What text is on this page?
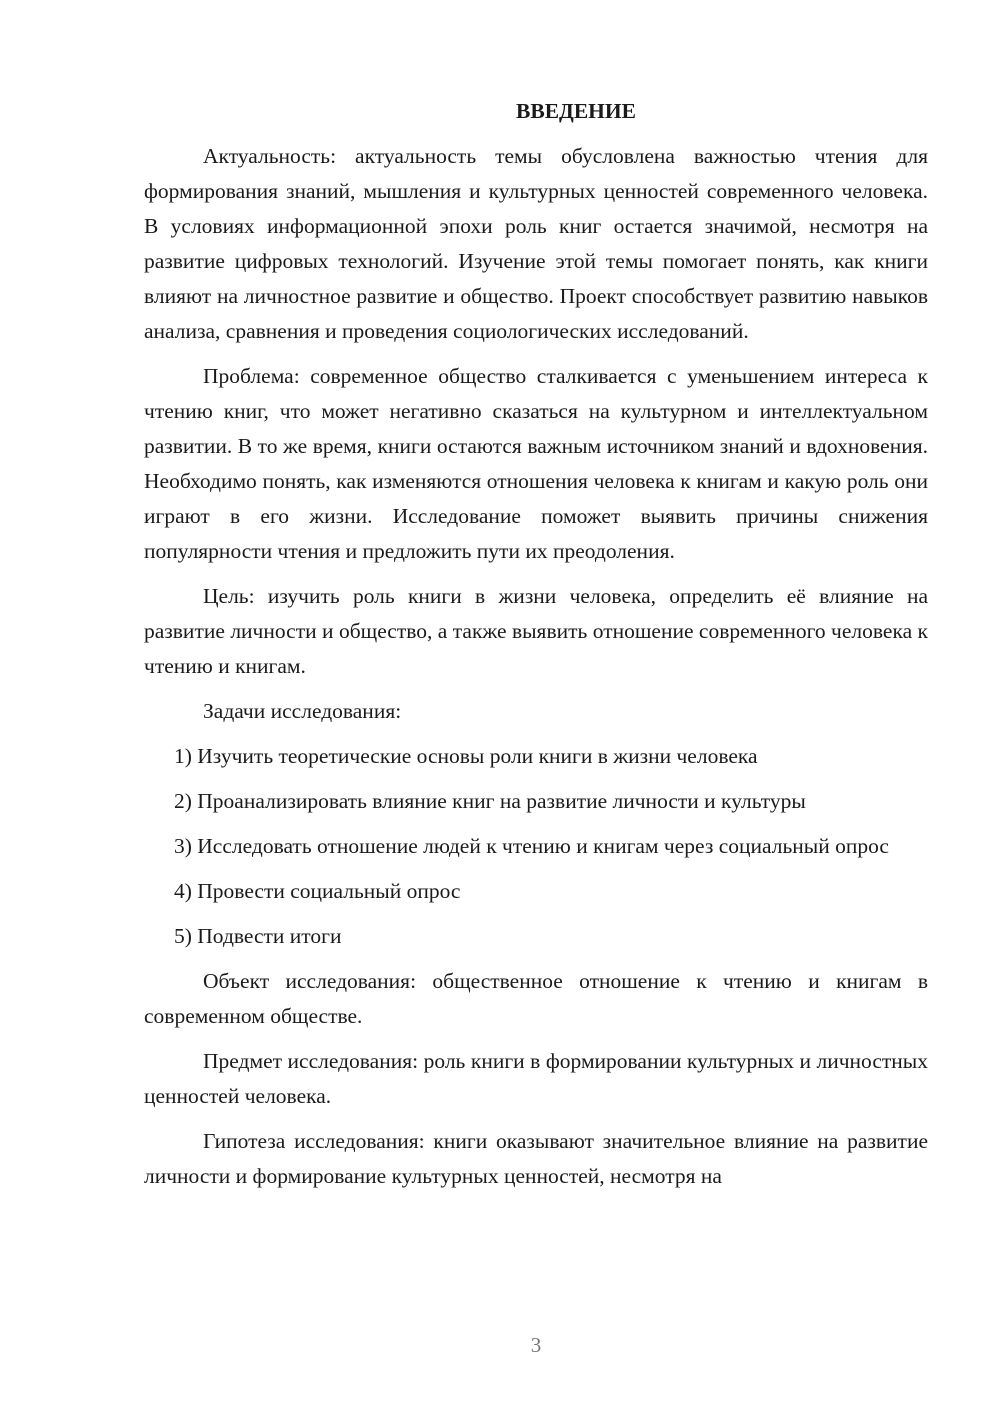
ВВЕДЕНИЕ

Актуальность: актуальность темы обусловлена важностью чтения для формирования знаний, мышления и культурных ценностей современного человека. В условиях информационной эпохи роль книг остается значимой, несмотря на развитие цифровых технологий. Изучение этой темы помогает понять, как книги влияют на личностное развитие и общество. Проект способствует развитию навыков анализа, сравнения и проведения социологических исследований.

Проблема: современное общество сталкивается с уменьшением интереса к чтению книг, что может негативно сказаться на культурном и интеллектуальном развитии. В то же время, книги остаются важным источником знаний и вдохновения. Необходимо понять, как изменяются отношения человека к книгам и какую роль они играют в его жизни. Исследование поможет выявить причины снижения популярности чтения и предложить пути их преодоления.

Цель: изучить роль книги в жизни человека, определить её влияние на развитие личности и общество, а также выявить отношение современного человека к чтению и книгам.

Задачи исследования:

1) Изучить теоретические основы роли книги в жизни человека

2) Проанализировать влияние книг на развитие личности и культуры

3) Исследовать отношение людей к чтению и книгам через социальный опрос

4) Провести социальный опрос

5) Подвести итоги

Объект исследования: общественное отношение к чтению и книгам в современном обществе.

Предмет исследования: роль книги в формировании культурных и личностных ценностей человека.

Гипотеза исследования: книги оказывают значительное влияние на развитие личности и формирование культурных ценностей, несмотря на

3
